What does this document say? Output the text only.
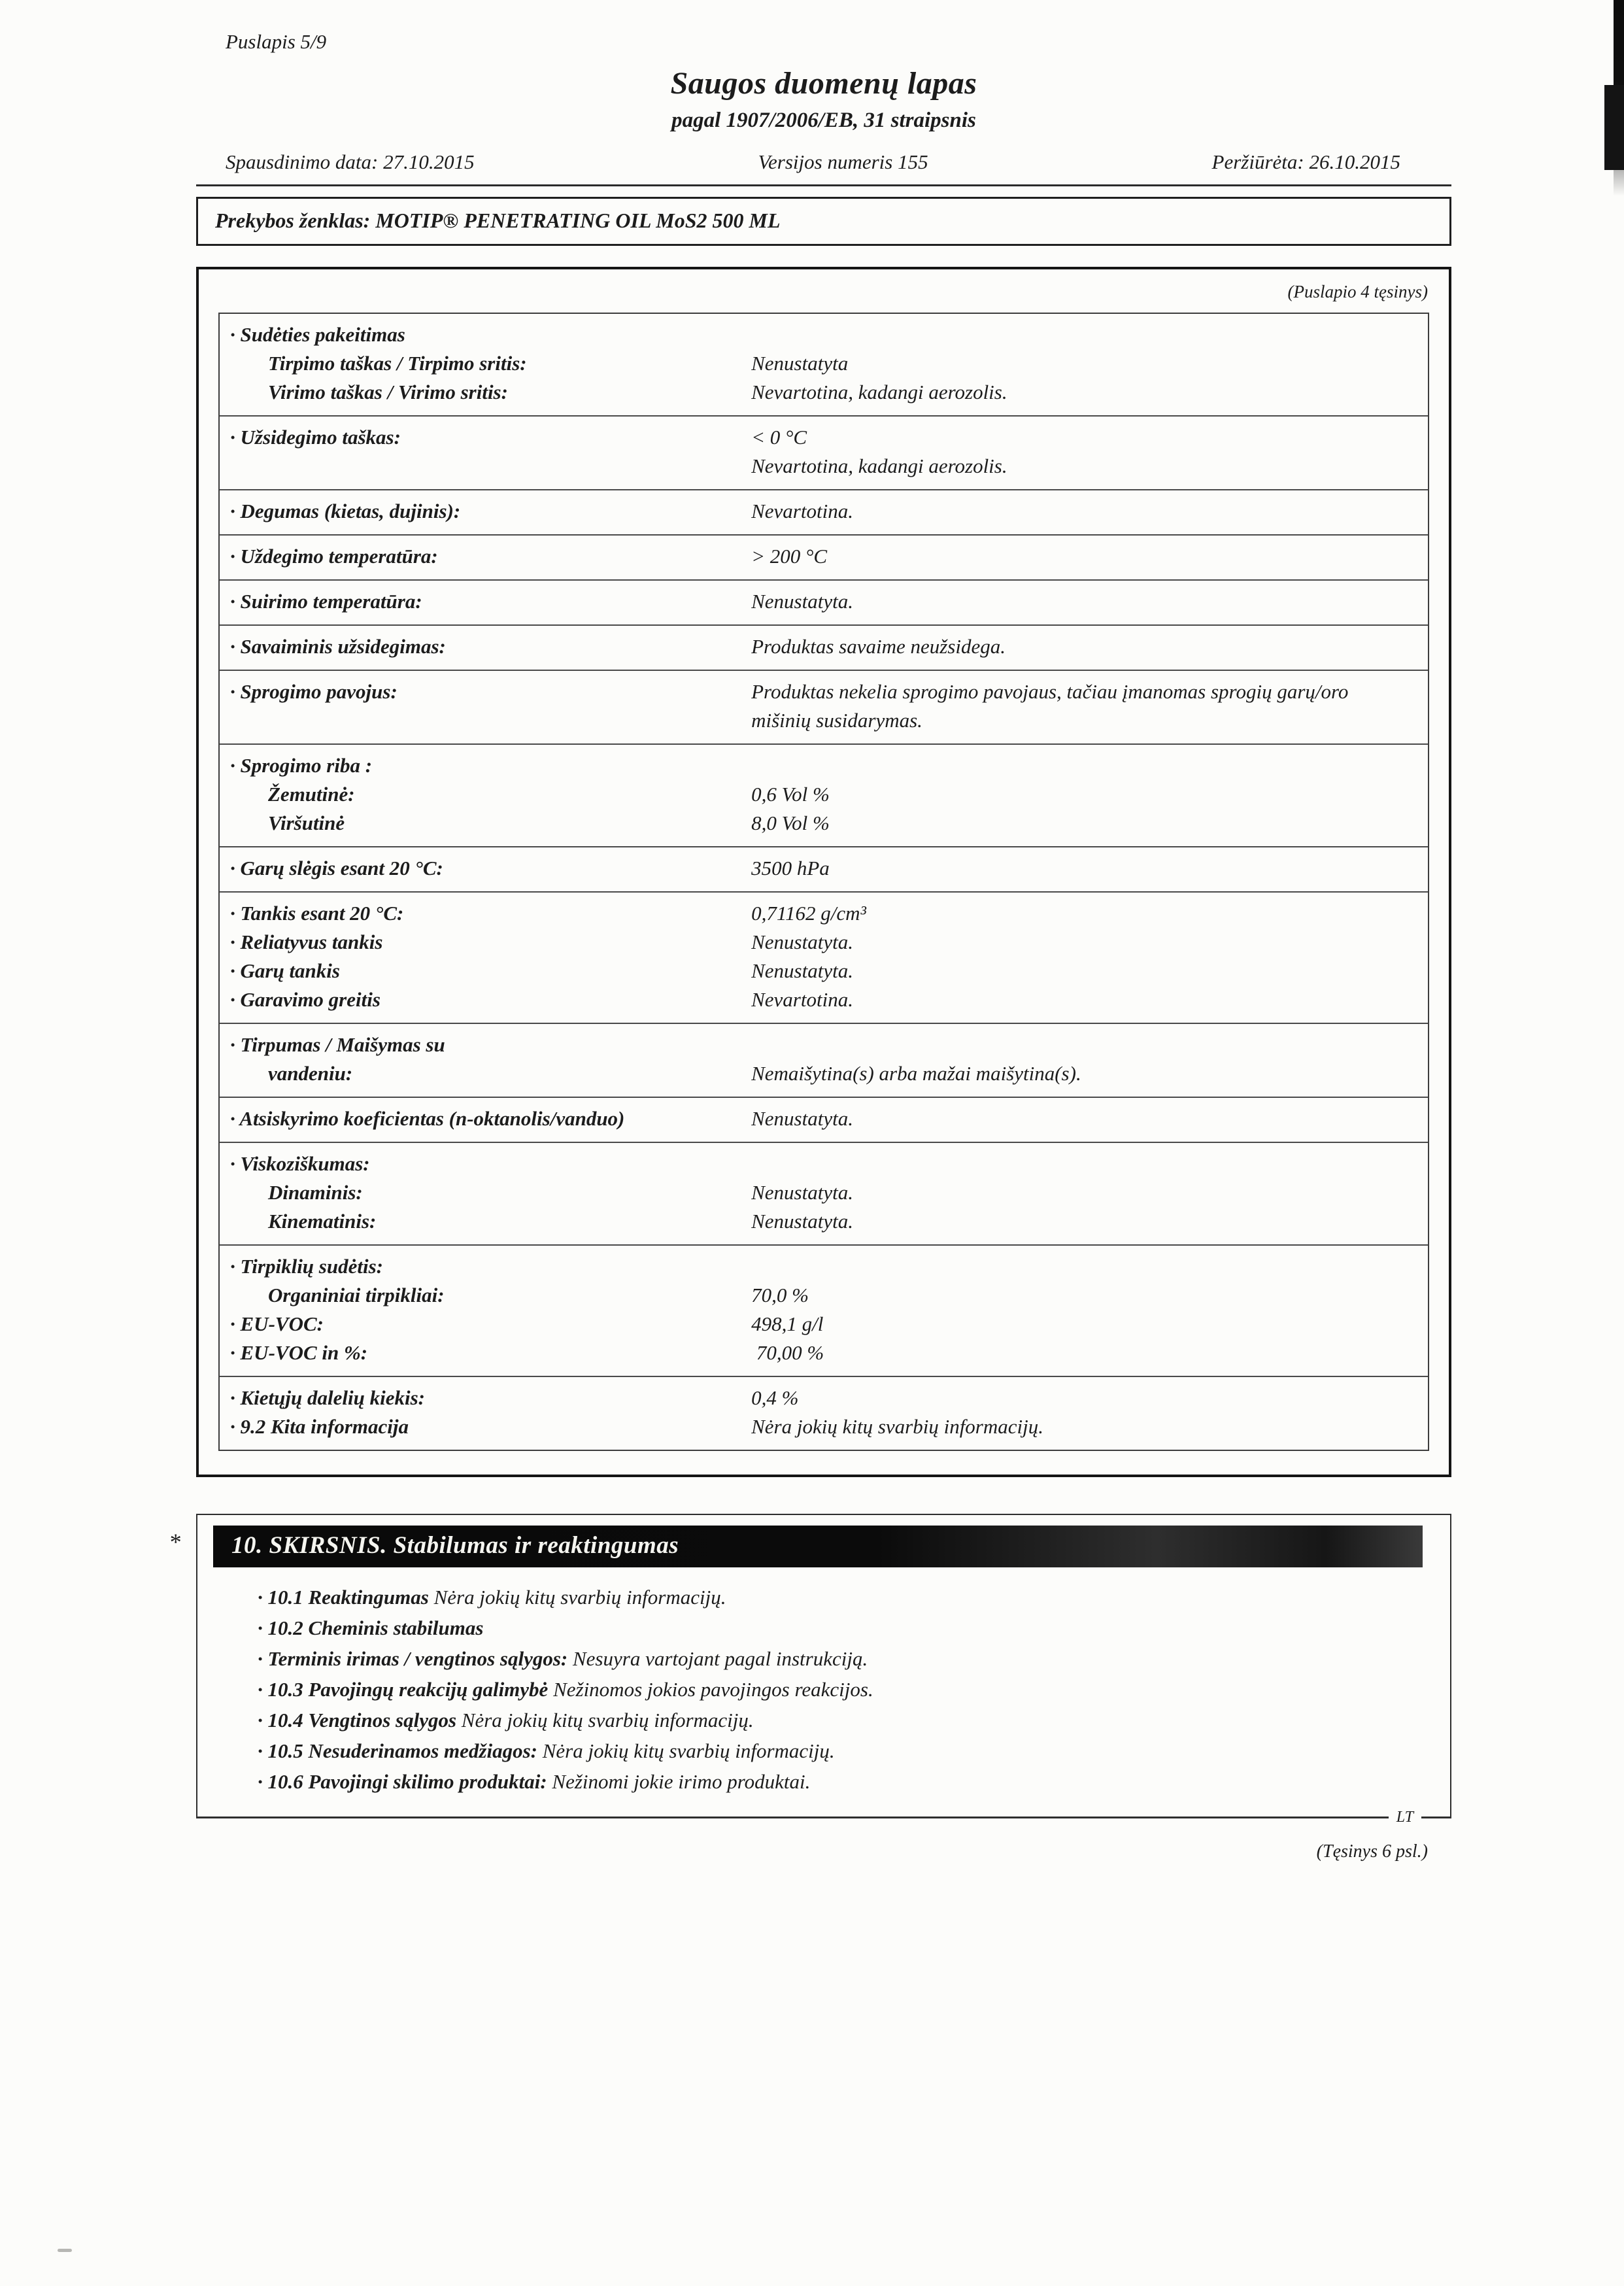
Puslapis 5/9
Saugos duomenų lapas
pagal 1907/2006/EB, 31 straipsnis
Spausdinimo data: 27.10.2015	Versijos numeris 155	Peržiūrėta: 26.10.2015
Prekybos ženklas: MOTIP® PENETRATING OIL MoS2 500 ML
(Puslapio 4 tęsinys)
· Sudėties pakeitimas
Tirpimo taškas / Tirpimo sritis:	Nenustatyta
Virimo taškas / Virimo sritis:	Nevartotina, kadangi aerozolis.
· Užsidegimo taškas:	< 0 °C
Nevartotina, kadangi aerozolis.
· Degumas (kietas, dujinis):	Nevartotina.
· Uždegimo temperatūra:	> 200 °C
· Suirimo temperatūra:	Nenustatyta.
· Savaiminis užsidegimas:	Produktas savaime neužsidega.
· Sprogimo pavojus:	Produktas nekelia sprogimo pavojaus, tačiau įmanomas sprogių garų/oro mišinių susidarymas.
· Sprogimo riba :
Žemutinė:	0,6 Vol %
Viršutinė	8,0 Vol %
· Garų slėgis esant 20 °C:	3500 hPa
· Tankis esant 20 °C:	0,71162 g/cm³
· Reliatyvus tankis	Nenustatyta.
· Garų tankis	Nenustatyta.
· Garavimo greitis	Nevartotina.
· Tirpumas / Maišymas su
vandeniu:	Nemaišytina(s) arba mažai maišytina(s).
· Atsiskyrimo koeficientas (n-oktanolis/vanduo)	Nenustatyta.
· Viskoziškumas:
Dinaminis:	Nenustatyta.
Kinematinis:	Nenustatyta.
· Tirpiklių sudėtis:
Organiniai tirpikliai:	70,0 %
· EU-VOC:	498,1 g/l
· EU-VOC in %:	70,00 %
· Kietųjų dalelių kiekis:	0,4 %
· 9.2 Kita informacija	Nėra jokių kitų svarbių informacijų.
*	10. SKIRSNIS. Stabilumas ir reaktingumas
· 10.1 Reaktingumas Nėra jokių kitų svarbių informacijų.
· 10.2 Cheminis stabilumas
· Terminis irimas / vengtinos sąlygos: Nesuyra vartojant pagal instrukciją.
· 10.3 Pavojingų reakcijų galimybė Nežinomos jokios pavojingos reakcijos.
· 10.4 Vengtinos sąlygos Nėra jokių kitų svarbių informacijų.
· 10.5 Nesuderinamos medžiagos: Nėra jokių kitų svarbių informacijų.
· 10.6 Pavojingi skilimo produktai: Nežinomi jokie irimo produktai.
LT
(Tęsinys 6 psl.)
